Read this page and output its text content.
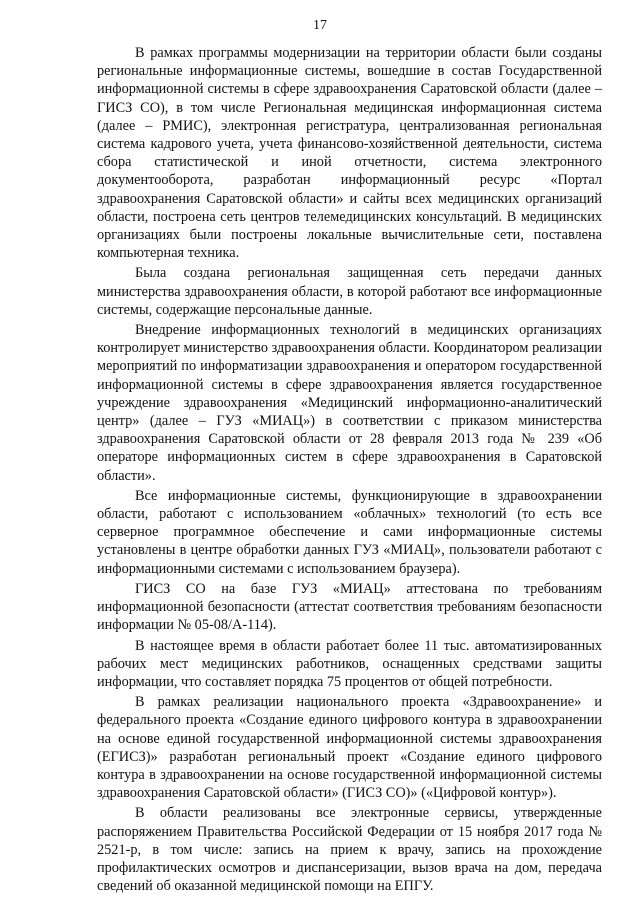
17

В рамках программы модернизации на территории области были созданы региональные информационные системы, вошедшие в состав Государственной информационной системы в сфере здравоохранения Саратовской области (далее – ГИСЗ СО), в том числе Региональная медицинская информационная система (далее – РМИС), электронная регистратура, централизованная региональная система кадрового учета, учета финансово-хозяйственной деятельности, система сбора статистической и иной отчетности, система электронного документооборота, разработан информационный ресурс «Портал здравоохранения Саратовской области» и сайты всех медицинских организаций области, построена сеть центров телемедицинских консультаций. В медицинских организациях были построены локальные вычислительные сети, поставлена компьютерная техника.

Была создана региональная защищенная сеть передачи данных министерства здравоохранения области, в которой работают все информационные системы, содержащие персональные данные.

Внедрение информационных технологий в медицинских организациях контролирует министерство здравоохранения области. Координатором реализации мероприятий по информатизации здравоохранения и оператором государственной информационной системы в сфере здравоохранения является государственное учреждение здравоохранения «Медицинский информационно-аналитический центр» (далее – ГУЗ «МИАЦ») в соответствии с приказом министерства здравоохранения Саратовской области от 28 февраля 2013 года № 239 «Об операторе информационных систем в сфере здравоохранения в Саратовской области».

Все информационные системы, функционирующие в здравоохранении области, работают с использованием «облачных» технологий (то есть все серверное программное обеспечение и сами информационные системы установлены в центре обработки данных ГУЗ «МИАЦ», пользователи работают с информационными системами с использованием браузера).

ГИСЗ СО на базе ГУЗ «МИАЦ» аттестована по требованиям информационной безопасности (аттестат соответствия требованиям безопасности информации № 05-08/А-114).

В настоящее время в области работает более 11 тыс. автоматизированных рабочих мест медицинских работников, оснащенных средствами защиты информации, что составляет порядка 75 процентов от общей потребности.

В рамках реализации национального проекта «Здравоохранение» и федерального проекта «Создание единого цифрового контура в здравоохранении на основе единой государственной информационной системы здравоохранения (ЕГИСЗ)» разработан региональный проект «Создание единого цифрового контура в здравоохранении на основе государственной информационной системы здравоохранения Саратовской области» (ГИСЗ СО)» («Цифровой контур»).

В области реализованы все электронные сервисы, утвержденные распоряжением Правительства Российской Федерации от 15 ноября 2017 года № 2521-р, в том числе: запись на прием к врачу, запись на прохождение профилактических осмотров и диспансеризации, вызов врача на дом, передача сведений об оказанной медицинской помощи на ЕПГУ.
